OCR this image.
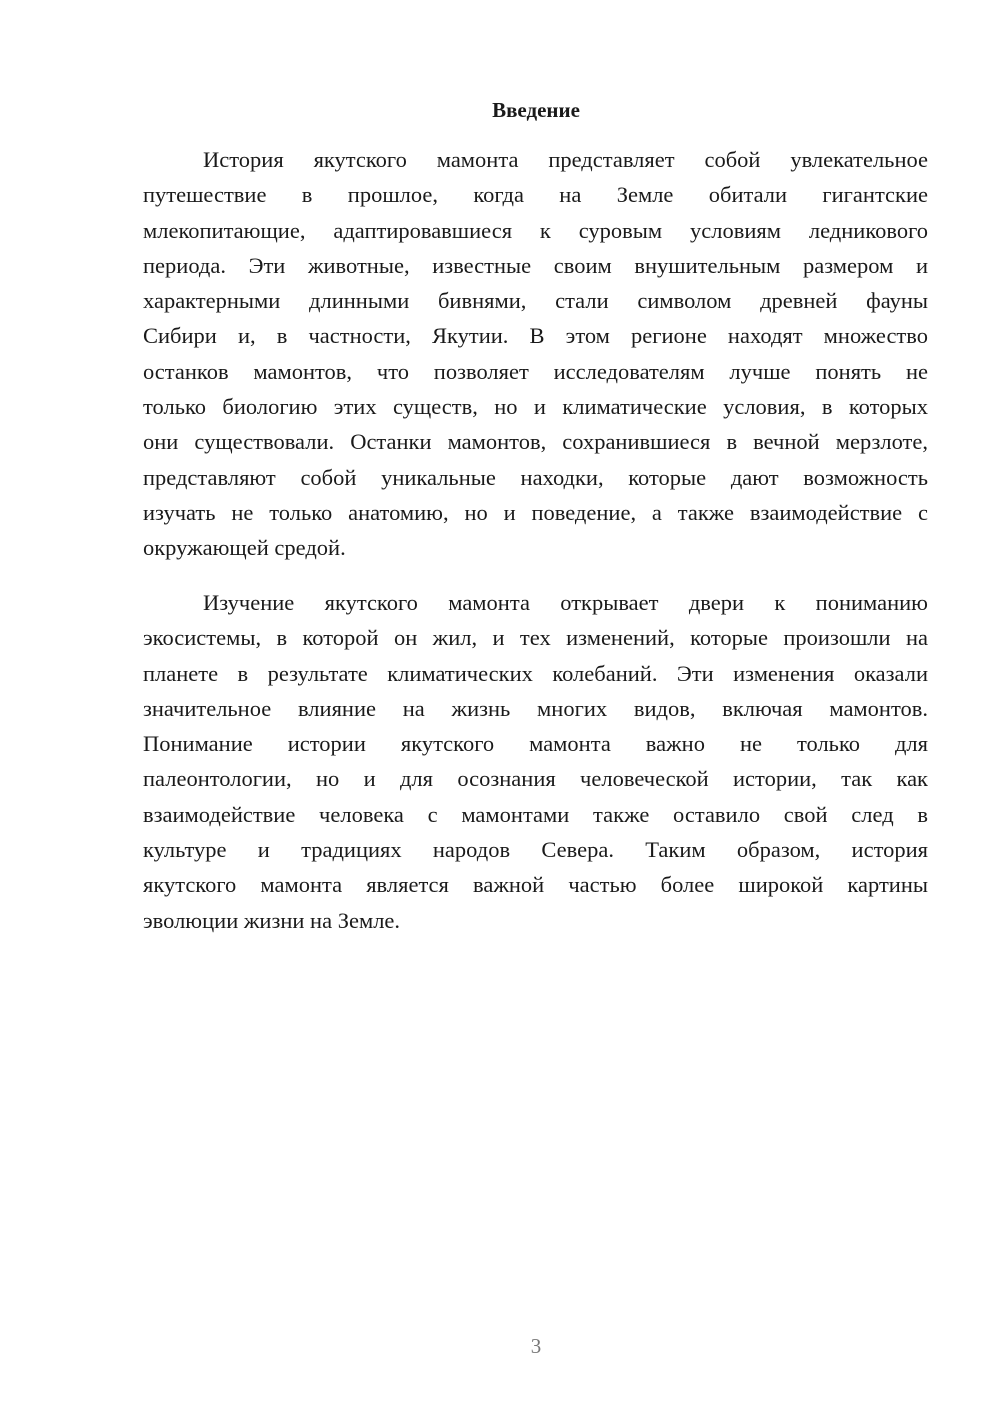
Введение
История якутского мамонта представляет собой увлекательное
путешествие в прошлое, когда на Земле обитали гигантские
млекопитающие, адаптировавшиеся к суровым условиям ледникового
периода. Эти животные, известные своим внушительным размером и
характерными длинными бивнями, стали символом древней фауны
Сибири и, в частности, Якутии. В этом регионе находят множество
останков мамонтов, что позволяет исследователям лучше понять не
только биологию этих существ, но и климатические условия, в которых
они существовали. Останки мамонтов, сохранившиеся в вечной мерзлоте,
представляют собой уникальные находки, которые дают возможность
изучать не только анатомию, но и поведение, а также взаимодействие с
окружающей средой.
Изучение якутского мамонта открывает двери к пониманию
экосистемы, в которой он жил, и тех изменений, которые произошли на
планете в результате климатических колебаний. Эти изменения оказали
значительное влияние на жизнь многих видов, включая мамонтов.
Понимание истории якутского мамонта важно не только для
палеонтологии, но и для осознания человеческой истории, так как
взаимодействие человека с мамонтами также оставило свой след в
культуре и традициях народов Севера. Таким образом, история
якутского мамонта является важной частью более широкой картины
эволюции жизни на Земле.
3
